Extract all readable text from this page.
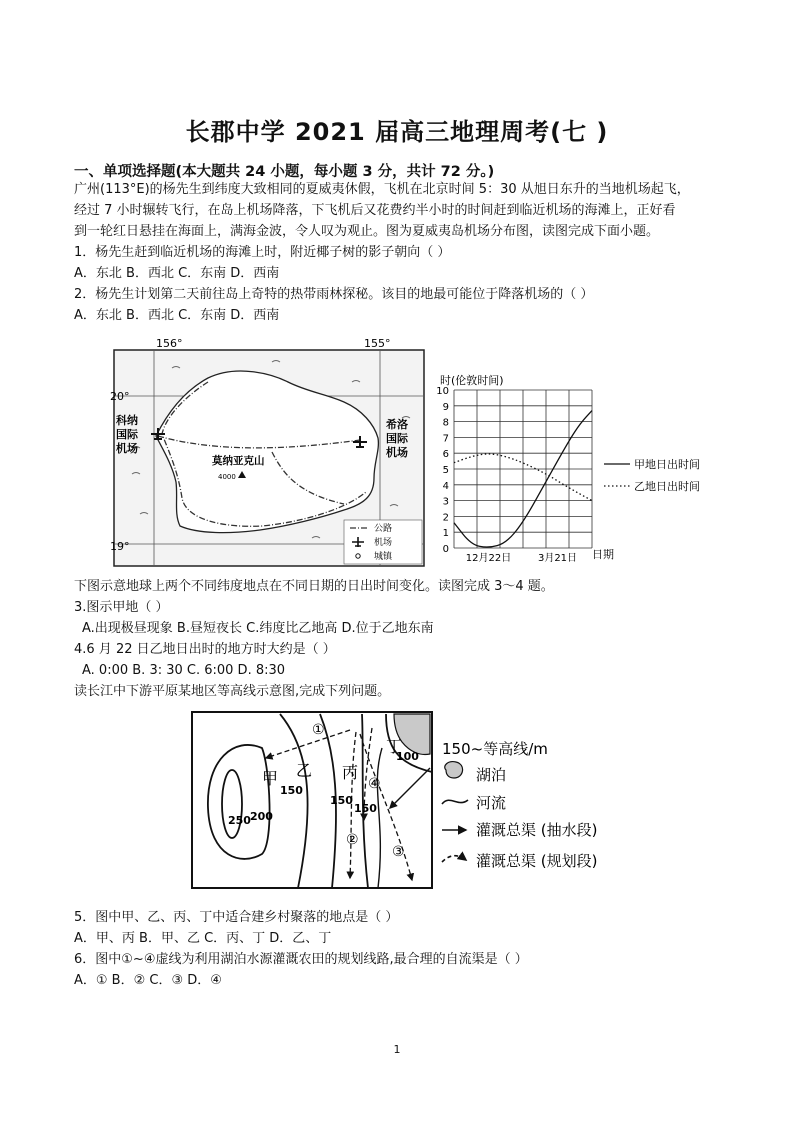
长郡中学 2021 届高三地理周考(七 )
一、单项选择题(本大题共 24 小题，每小题 3 分，共计 72 分。)
广州(113°E)的杨先生到纬度大致相同的夏威夷休假，飞机在北京时间 5：30 从旭日东升的当地机场起飞，
经过 7 小时辗转飞行，在岛上机场降落，下飞机后又花费约半小时的时间赶到临近机场的海滩上，正好看
到一轮红日悬挂在海面上，满海金波，令人叹为观止。图为夏威夷岛机场分布图，读图完成下面小题。
1．杨先生赶到临近机场的海滩上时，附近椰子树的影子朝向（ ）
A．东北 B．西北 C．东南 D．西南
2．杨先生计划第二天前往岛上奇特的热带雨林探秘。该目的地最可能位于降落机场的（ ）
A．东北 B．西北 C．东南 D．西南
156°	155°
20°
19°
科纳
国际
机场
希洛
国际
机场
莫纳亚克山
4000
公路
机场
城镇
时(伦敦时间)
0
1
2
3
4
5
6
7
8
9
10
12月22日	3月21日 日期
甲地日出时间
乙地日出时间
下图示意地球上两个不同纬度地点在不同日期的日出时间变化。读图完成 3～4 题。
3.图示甲地（ ）
A.出现极昼现象 B.昼短夜长 C.纬度比乙地高 D.位于乙地东南
4.6 月 22 日乙地日出时的地方时大约是（ ）
A. 0:00 B. 3: 30 C. 6:00 D. 8:30
读长江中下游平原某地区等高线示意图,完成下列问题。
甲 乙 丙
丁
250 200
150
150
150
100
①
②
③
④
150~等高线/m
湖泊
河流
灌溉总渠 (抽水段)
灌溉总渠 (规划段)
5．图中甲、乙、丙、丁中适合建乡村聚落的地点是（ ）
A．甲、丙 B．甲、乙 C．丙、丁 D．乙、丁
6．图中①~④虚线为利用湖泊水源灌溉农田的规划线路,最合理的自流渠是（ ）
A．① B．② C．③ D．④
1
